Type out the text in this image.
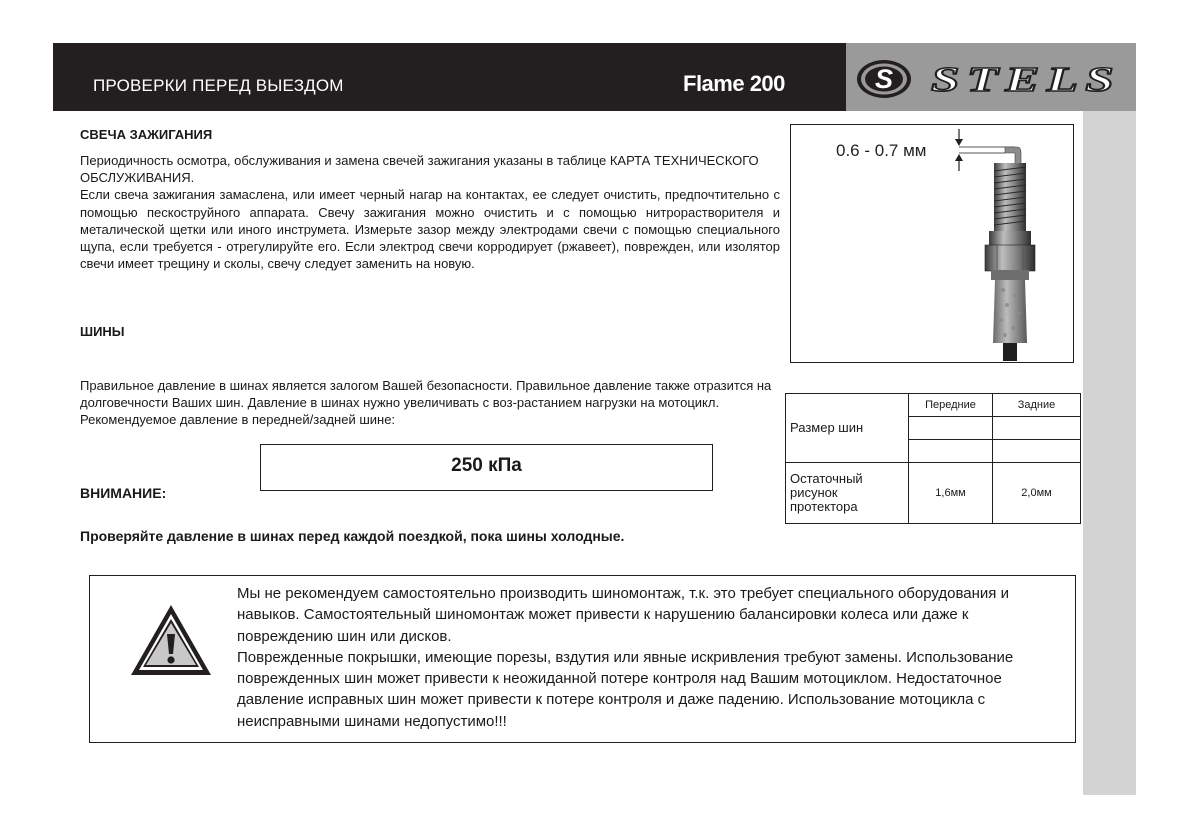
ПРОВЕРКИ ПЕРЕД ВЫЕЗДОМ	Flame 200	S STELS
СВЕЧА ЗАЖИГАНИЯ

Периодичность осмотра, обслуживания и замена свечей зажигания указаны в таблице КАРТА ТЕХНИЧЕСКОГО ОБСЛУЖИВАНИЯ.

Если свеча зажигания замаслена, или имеет черный нагар на контактах, ее следует очистить, предпочтительно с помощью пескоструйного аппарата. Свечу зажигания можно очистить и с помощью нитрорастворителя и металической щетки или иного инструмета. Измерьте зазор между электродами свечи с помощью специального щупа, если требуется - отрегулируйте его. Если электрод свечи корродирует (ржавеет), поврежден, или изолятор свечи имеет трещину и сколы, свечу следует заменить на новую.

0.6 - 0.7 мм
ШИНЫ

Правильное давление в шинах является залогом Вашей безопасности. Правильное давление также отразится на долговечности Ваших шин. Давление в шинах нужно увеличивать с воз-растанием нагрузки на мотоцикл. Рекомендуемое давление в передней/задней шине:

Размер шин	Передние	Задние

Остаточный рисунок протектора	1,6мм	2,0мм
250 кПа
ВНИМАНИЕ:
Проверяйте давление в шинах перед каждой поездкой, пока шины холодные.

Мы не рекомендуем самостоятельно производить шиномонтаж, т.к. это требует специального оборудования и навыков. Самостоятельный шиномонтаж может привести к нарушению балансировки колеса или даже к повреждению шин или дисков.

Поврежденные покрышки, имеющие порезы, вздутия или явные искривления требуют замены. Использование поврежденных шин может привести к неожиданной потере контроля над Вашим мотоциклом. Недостаточное давление исправных шин может привести к потере контроля и даже падению. Использование мотоцикла с неисправными шинами недопустимо!!!
